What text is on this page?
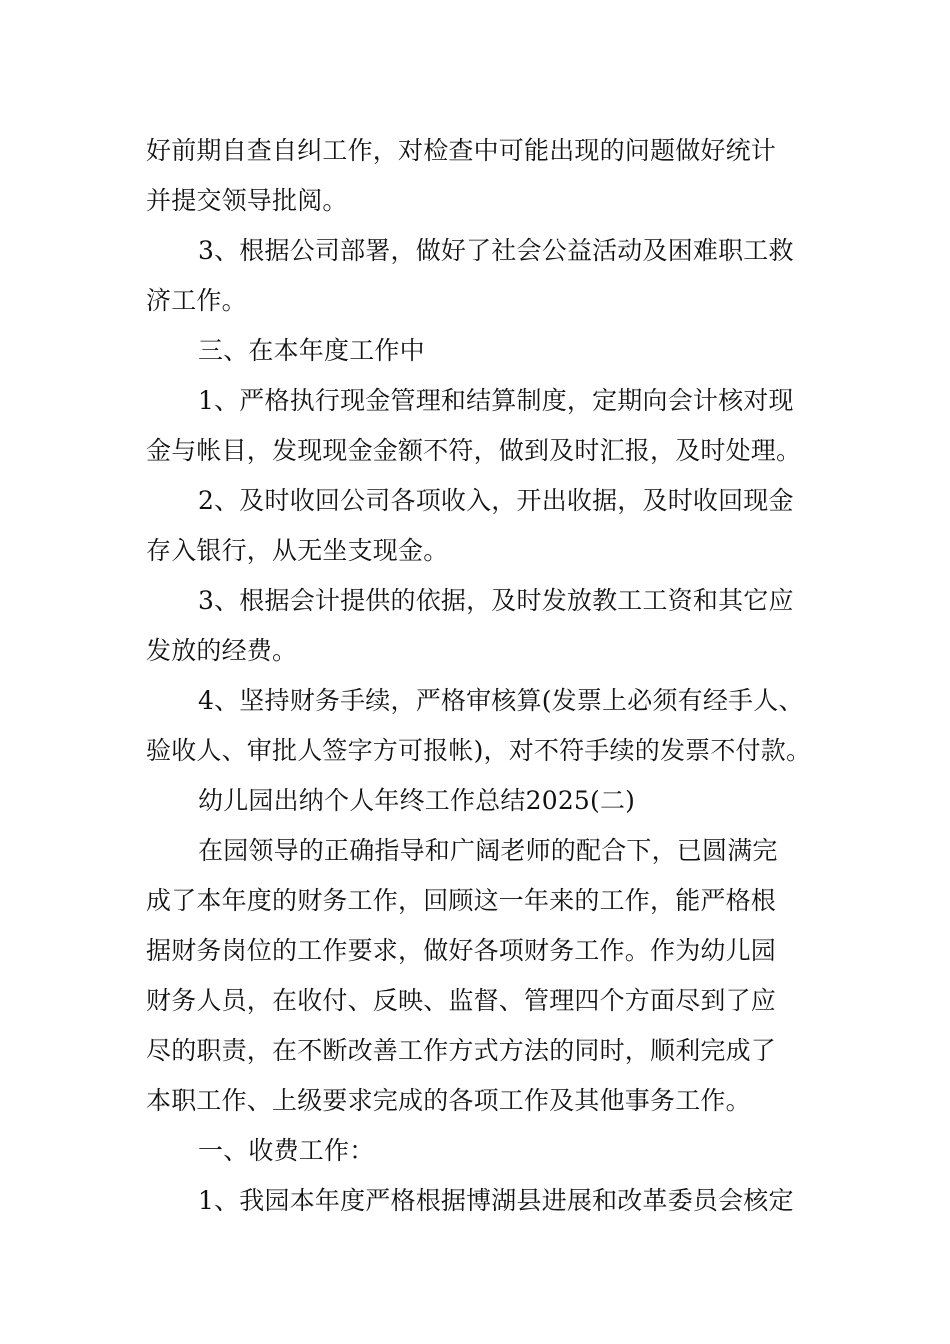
好前期自查自纠工作，对检查中可能出现的问题做好统计
并提交领导批阅。
3、根据公司部署，做好了社会公益活动及困难职工救
济工作。
三、在本年度工作中
1、严格执行现金管理和结算制度，定期向会计核对现
金与帐目，发现现金金额不符，做到及时汇报，及时处理。
2、及时收回公司各项收入，开出收据，及时收回现金
存入银行，从无坐支现金。
3、根据会计提供的依据，及时发放教工工资和其它应
发放的经费。
4、坚持财务手续，严格审核算(发票上必须有经手人、
验收人、审批人签字方可报帐)，对不符手续的发票不付款。
幼儿园出纳个人年终工作总结2025(二)
在园领导的正确指导和广阔老师的配合下，已圆满完
成了本年度的财务工作，回顾这一年来的工作，能严格根
据财务岗位的工作要求，做好各项财务工作。作为幼儿园
财务人员，在收付、反映、监督、管理四个方面尽到了应
尽的职责，在不断改善工作方式方法的同时，顺利完成了
本职工作、上级要求完成的各项工作及其他事务工作。
一、收费工作：
1、我园本年度严格根据博湖县进展和改革委员会核定
